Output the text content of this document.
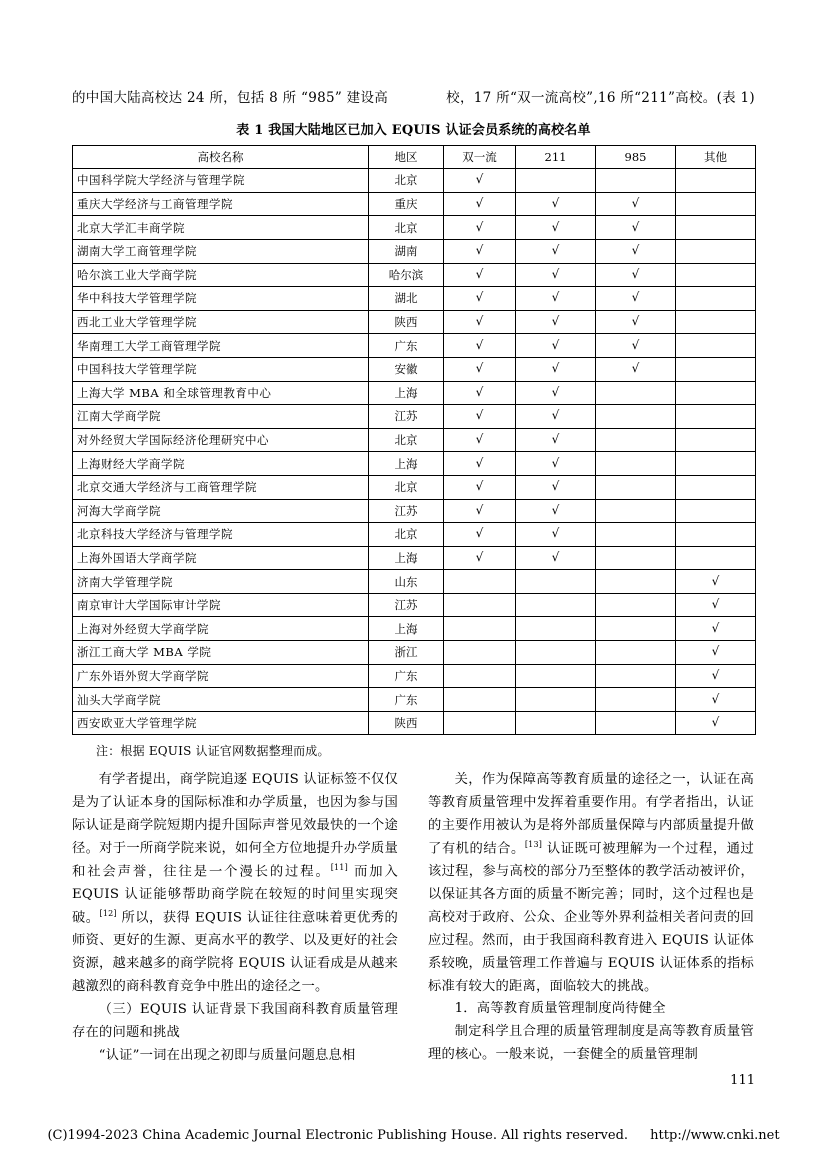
的中国大陆高校达 24 所，包括 8 所 “985” 建设高	校，17 所“双一流高校”,16 所“211”高校。(表 1)
表 1 我国大陆地区已加入 EQUIS 认证会员系统的高校名单
高校名称	地区	双一流	211	985	其他
中国科学院大学经济与管理学院	北京	√			
重庆大学经济与工商管理学院	重庆	√	√	√	
北京大学汇丰商学院	北京	√	√	√	
湖南大学工商管理学院	湖南	√	√	√	
哈尔滨工业大学商学院	哈尔滨	√	√	√	
华中科技大学管理学院	湖北	√	√	√	
西北工业大学管理学院	陕西	√	√	√	
华南理工大学工商管理学院	广东	√	√	√	
中国科技大学管理学院	安徽	√	√	√	
上海大学 MBA 和全球管理教育中心	上海	√	√		
江南大学商学院	江苏	√	√		
对外经贸大学国际经济伦理研究中心	北京	√	√		
上海财经大学商学院	上海	√	√		
北京交通大学经济与工商管理学院	北京	√	√		
河海大学商学院	江苏	√	√		
北京科技大学经济与管理学院	北京	√	√		
上海外国语大学商学院	上海	√	√		
济南大学管理学院	山东				√
南京审计大学国际审计学院	江苏				√
上海对外经贸大学商学院	上海				√
浙江工商大学 MBA 学院	浙江				√
广东外语外贸大学商学院	广东				√
汕头大学商学院	广东				√
西安欧亚大学管理学院	陕西				√
注：根据 EQUIS 认证官网数据整理而成。

有学者提出，商学院追逐 EQUIS 认证标签不仅仅是为了认证本身的国际标准和办学质量，也因为参与国际认证是商学院短期内提升国际声誉见效最快的一个途径。对于一所商学院来说，如何全方位地提升办学质量和社会声誉，往往是一个漫长的过程。[11] 而加入 EQUIS 认证能够帮助商学院在较短的时间里实现突破。[12] 所以，获得 EQUIS 认证往往意味着更优秀的师资、更好的生源、更高水平的教学、以及更好的社会资源，越来越多的商学院将 EQUIS 认证看成是从越来越激烈的商科教育竞争中胜出的途径之一。

（三）EQUIS 认证背景下我国商科教育质量管理存在的问题和挑战

“认证”一词在出现之初即与质量问题息息相

关，作为保障高等教育质量的途径之一，认证在高等教育质量管理中发挥着重要作用。有学者指出，认证的主要作用被认为是将外部质量保障与内部质量提升做了有机的结合。[13] 认证既可被理解为一个过程，通过该过程，参与高校的部分乃至整体的教学活动被评价，以保证其各方面的质量不断完善；同时，这个过程也是高校对于政府、公众、企业等外界利益相关者问责的回应过程。然而，由于我国商科教育进入 EQUIS 认证体系较晚，质量管理工作普遍与 EQUIS 认证体系的指标标准有较大的距离，面临较大的挑战。

1．高等教育质量管理制度尚待健全

制定科学且合理的质量管理制度是高等教育质量管理的核心。一般来说，一套健全的质量管理制

111
(C)1994-2023 China Academic Journal Electronic Publishing House. All rights reserved. http://www.cnki.net
